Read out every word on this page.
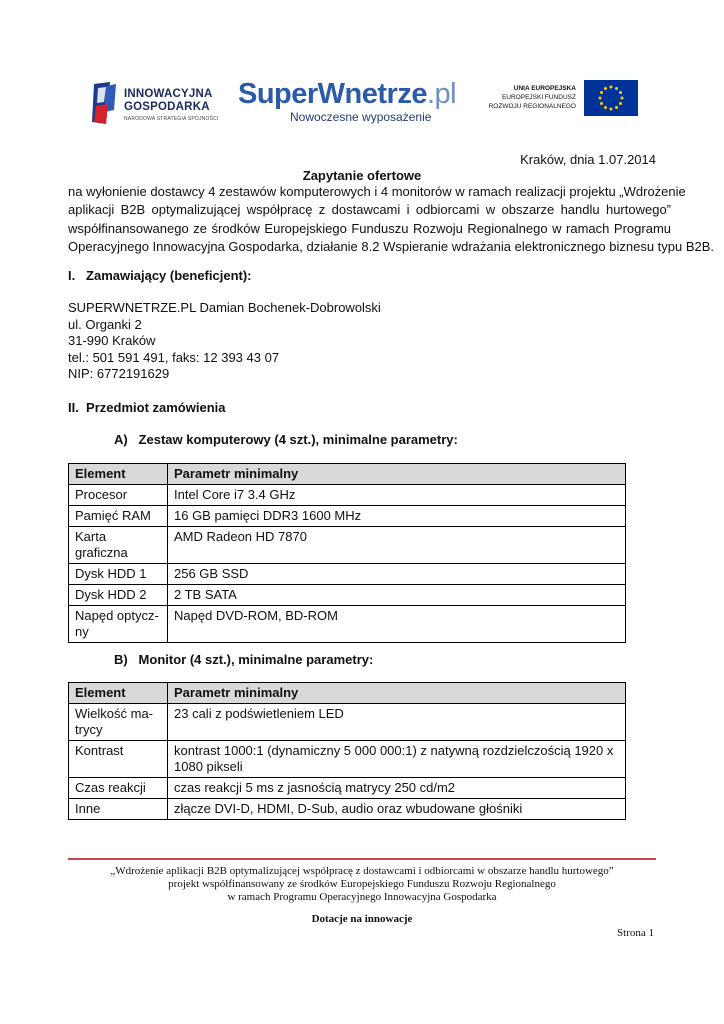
INNOWACYJNA
GOSPODARKA
NARODOWA STRATEGIA SPÓJNOŚCI
SuperWnetrze.pl
Nowoczesne wyposażenie
UNIA EUROPEJSKA
EUROPEJSKI FUNDUSZ
ROZWOJU REGIONALNEGO
Kraków, dnia 1.07.2014
Zapytanie ofertowe
na wyłonienie dostawcy 4 zestawów komputerowych i 4 monitorów w ramach realizacji projektu „Wdrożenie
aplikacji B2B optymalizującej współpracę z dostawcami i odbiorcami w obszarze handlu hurtowego”
współfinansowanego ze środków Europejskiego Funduszu Rozwoju Regionalnego w ramach Programu
Operacyjnego Innowacyjna Gospodarka, działanie 8.2 Wspieranie wdrażania elektronicznego biznesu typu B2B.
I.   Zamawiający (beneficjent):
SUPERWNETRZE.PL Damian Bochenek-Dobrowolski
ul. Organki 2
31-990 Kraków
tel.: 501 591 491, faks: 12 393 43 07
NIP: 6772191629
II.  Przedmiot zamówienia
A)   Zestaw komputerowy (4 szt.), minimalne parametry:
Element	Parametr minimalny
Procesor	Intel Core i7 3.4 GHz
Pamięć RAM	16 GB pamięci DDR3 1600 MHz
Karta graficzna	AMD Radeon HD 7870
Dysk HDD 1	256 GB SSD
Dysk HDD 2	2 TB SATA
Napęd optycz-
ny	Napęd DVD-ROM, BD-ROM
B)   Monitor (4 szt.), minimalne parametry:
Element	Parametr minimalny
Wielkość ma-
trycy	23 cali z podświetleniem LED
Kontrast	kontrast 1000:1 (dynamiczny 5 000 000:1) z natywną rozdzielczością 1920 x 1080 pikseli
Czas reakcji	czas reakcji 5 ms z jasnością matrycy 250 cd/m2
Inne	złącze DVI-D, HDMI, D-Sub, audio oraz wbudowane głośniki
„Wdrożenie aplikacji B2B optymalizującej współpracę z dostawcami i odbiorcami w obszarze handlu hurtowego”
projekt współfinansowany ze środków Europejskiego Funduszu Rozwoju Regionalnego
w ramach Programu Operacyjnego Innowacyjna Gospodarka
Dotacje na innowacje
Strona 1
